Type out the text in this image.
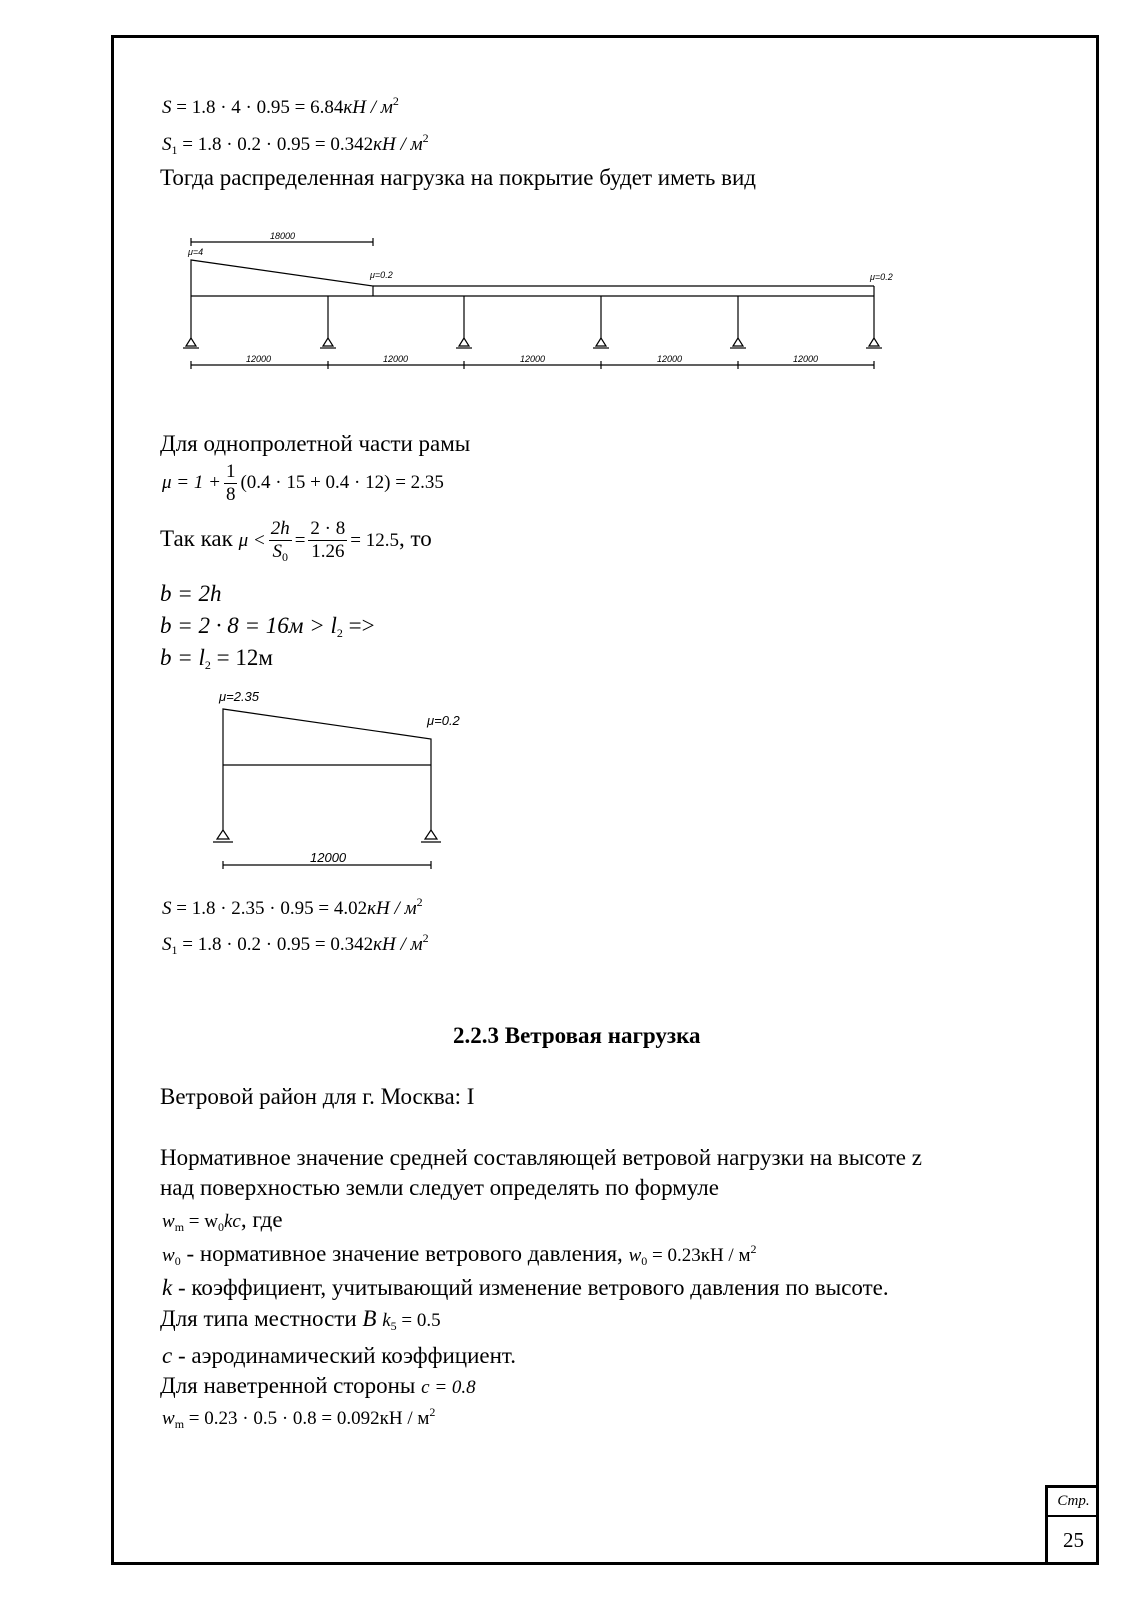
$S = 1.8 \cdot 4 \cdot 0.95 = 6.84кН / м^2$
$S_1 = 1.8 \cdot 0.2 \cdot 0.95 = 0.342кН / м^2$
Тогда распределенная нагрузка на покрытие будет иметь вид
18000
μ=4
μ=0.2	μ=0.2
12000	12000	12000	12000	12000
Для однопролетной части рамы
$\mu = 1 + \frac{1}{8} (0.4 \cdot 15 + 0.4 \cdot 12) = 2.35$
Так как $\mu < \frac{2h}{S_0} = \frac{2 \cdot 8}{1.26} = 12.5$, то
b = 2h
$b = 2 \cdot 8 = 16м > l_2$ =>
$b = l_2 = 12м$
μ=2.35
μ=0.2
12000
$S = 1.8 \cdot 2.35 \cdot 0.95 = 4.02кН / м^2$
$S_1 = 1.8 \cdot 0.2 \cdot 0.95 = 0.342кН / м^2$
2.2.3 Ветровая нагрузка
Ветровой район для г. Москва: I
Нормативное значение средней составляющей ветровой нагрузки на высоте z
над поверхностью земли следует определять по формуле
$w_m = w_0kc$, где
$w_0$ - нормативное значение ветрового давления, $w_0 = 0.23кН / м^2$
k - коэффициент, учитывающий изменение ветрового давления по высоте.
Для типа местности B $k_5 = 0.5$
c - аэродинамический коэффициент.
Для наветренной стороны c = 0.8
$w_m = 0.23 \cdot 0.5 \cdot 0.8 = 0.092кН / м^2$
Стр.
25
